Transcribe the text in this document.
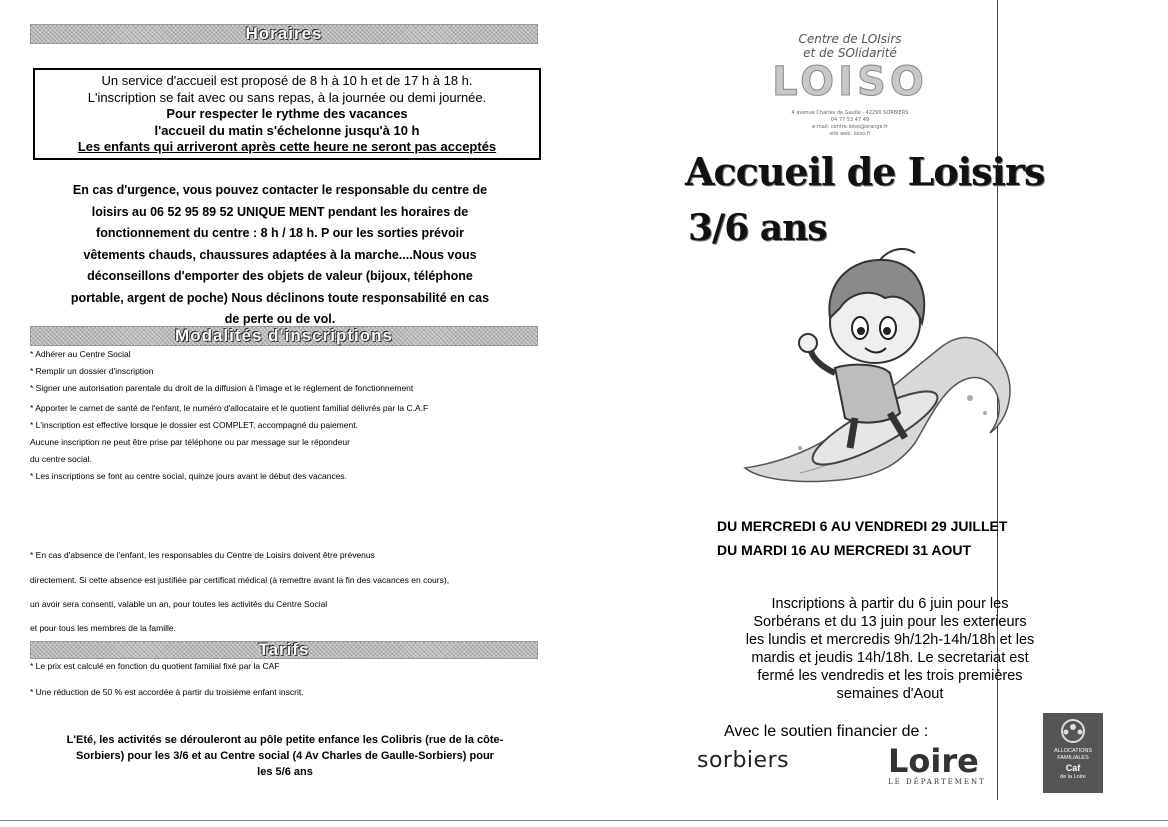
Horaires
Un service d'accueil est proposé de 8 h à 10 h et de 17 h à 18 h.
L'inscription se fait avec ou sans repas, à la journée ou demi journée.
Pour respecter le rythme des vacances
l'accueil du matin s'échelonne jusqu'à 10 h
Les enfants qui arriveront après cette heure ne seront pas acceptés
En cas d'urgence, vous pouvez contacter le responsable du centre de
loisirs au 06 52 95 89 52 UNIQUE MENT pendant les horaires de
fonctionnement du centre : 8 h / 18 h. P our les sorties prévoir
vêtements chauds, chaussures adaptées à la marche....Nous vous
déconseillons d'emporter des objets de valeur (bijoux, téléphone
portable, argent de poche) Nous déclinons toute responsabilité en cas
de perte ou de vol.
Modalités d'inscriptions
* Adhérer au Centre Social
* Remplir un dossier d'inscription
* Signer une autorisation parentale du droit de la diffusion à l'image et le règlement de fonctionnement
* Apporter le carnet de santé de l'enfant, le numéro d'allocataire et le quotient familial délivrés par la C.A.F
* L'inscription est effective lorsque le dossier est COMPLET, accompagné du paiement.
Aucune inscription ne peut être prise par téléphone ou par message sur le répondeur
du centre social.
* Les inscriptions se font au centre social, quinze jours avant le début des vacances.
* En cas d'absence de l'enfant, les responsables du Centre de Loisirs doivent être prévenus
directement. Si cette absence est justifiée par certificat médical (à remettre avant la fin des vacances en cours),
un avoir sera consenti, valable un an, pour toutes les activités du Centre Social
et pour tous les membres de la famille.
Tarifs
* Le prix est calculé en fonction du quotient familial fixé par la CAF
* Une réduction de 50 % est accordée à partir du troisième enfant inscrit.
L'Eté, les activités se dérouleront au pôle petite enfance les Colibris (rue de la côte-
Sorbiers) pour les 3/6 et au Centre social (4 Av Charles de Gaulle-Sorbiers) pour
les 5/6 ans
Centre de LOIsirs
et de SOlidarité
LOISO
4 avenue Charles de Gaulle - 42290 SORBIERS
04 77 53 47 49
e-mail: centre.loiso@orange.fr
site web: loiso.fr
Accueil de Loisirs
3/6 ans
DU MERCREDI 6 AU VENDREDI 29 JUILLET
DU MARDI 16 AU MERCREDI 31 AOUT
Inscriptions à partir du 6 juin pour les
Sorbérans et du 13 juin pour les exterieurs
les lundis et mercredis 9h/12h-14h/18h et les
mardis et jeudis 14h/18h. Le secretariat est
fermé les vendredis et les trois premières
semaines d'Aout
Avec le soutien financier de :
sorbiers	Loire
LE DÉPARTEMENT
ALLOCATIONS
FAMILIALES
Caf
de la Loire
